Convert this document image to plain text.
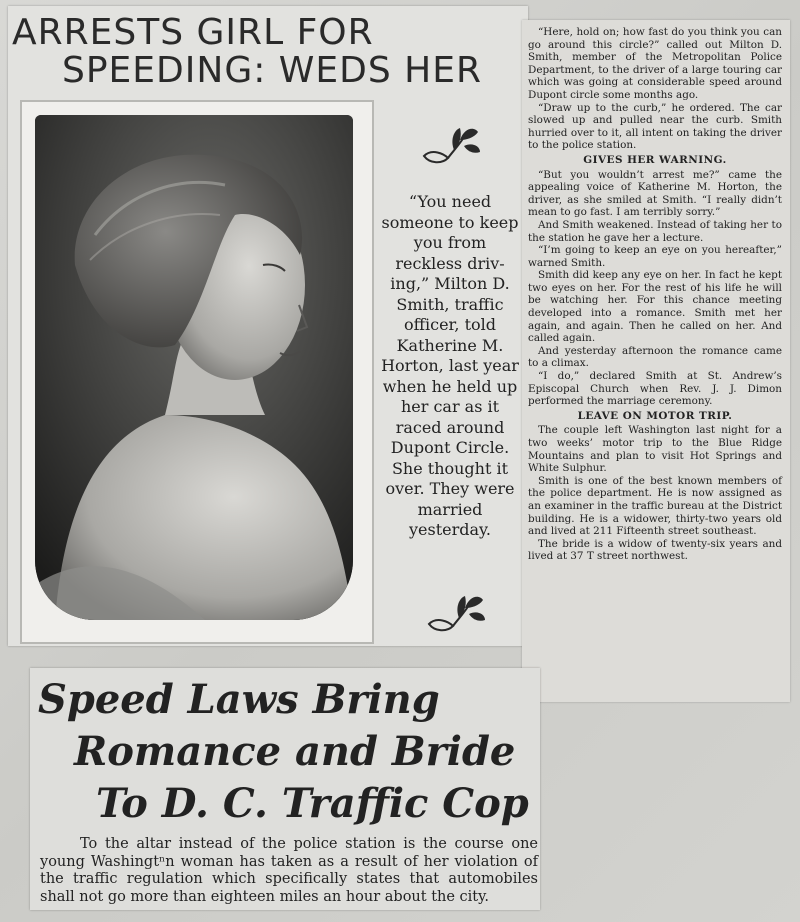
ARRESTS GIRL FOR
SPEEDING: WEDS HER

“You need someone to keep you from reckless driv-ing,” Milton D. Smith, traffic officer, told Katherine M. Horton, last year when he held up her car as it raced around Dupont Circle. She thought it over. They were married yesterday.

“Here, hold on; how fast do you think you can go around this circle?” called out Milton D. Smith, member of the Metropolitan Police Department, to the driver of a large touring car which was going at considerable speed around Dupont circle some months ago.

“Draw up to the curb,” he ordered. The car slowed up and pulled near the curb. Smith hurried over to it, all intent on taking the driver to the police station.

GIVES HER WARNING.

“But you wouldn’t arrest me?” came the appealing voice of Katherine M. Horton, the driver, as she smiled at Smith. “I really didn’t mean to go fast. I am terribly sorry.”

And Smith weakened. Instead of taking her to the station he gave her a lecture.

“I’m going to keep an eye on you hereafter,” warned Smith.

Smith did keep any eye on her. In fact he kept two eyes on her. For the rest of his life he will be watching her. For this chance meeting developed into a romance. Smith met her again, and again. Then he called on her. And called again.

And yesterday afternoon the romance came to a climax.

“I do,” declared Smith at St. Andrew’s Episcopal Church when Rev. J. J. Dimon performed the marriage ceremony.

LEAVE ON MOTOR TRIP.

The couple left Washington last night for a two weeks’ motor trip to the Blue Ridge Mountains and plan to visit Hot Springs and White Sulphur.

Smith is one of the best known members of the police department. He is now assigned as an examiner in the traffic bureau at the District building. He is a widower, thirty-two years old and lived at 211 Fifteenth street southeast.

The bride is a widow of twenty-six years and lived at 37 T street northwest.

Speed Laws Bring
Romance and Bride
To D. C. Traffic Cop

To the altar instead of the police station is the course one young Washingtⁿn woman has taken as a result of her violation of the traffic regulation which specifically states that automobiles shall not go more than eighteen miles an hour about the city.
